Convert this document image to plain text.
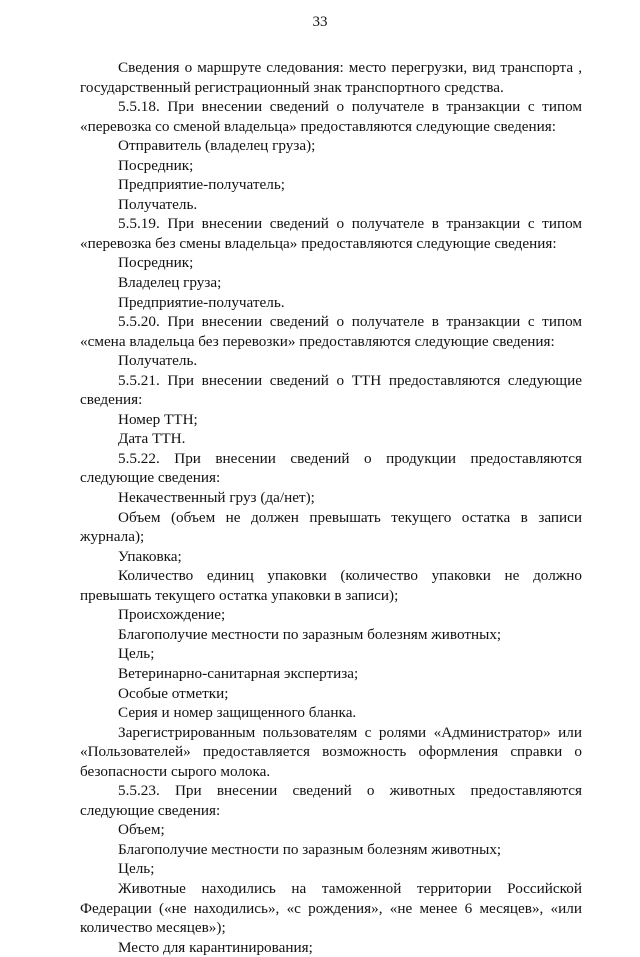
33
Сведения о маршруте следования: место перегрузки, вид транспорта , государственный регистрационный знак транспортного средства.
5.5.18. При внесении сведений о получателе в транзакции с типом «перевозка со сменой владельца» предоставляются следующие сведения:
Отправитель (владелец груза);
Посредник;
Предприятие-получатель;
Получатель.
5.5.19. При внесении сведений о получателе в транзакции с типом «перевозка без смены владельца» предоставляются следующие сведения:
Посредник;
Владелец груза;
Предприятие-получатель.
5.5.20. При внесении сведений о получателе в транзакции с типом «смена владельца без перевозки» предоставляются следующие сведения:
Получатель.
5.5.21. При внесении сведений о ТТН предоставляются следующие сведения:
Номер ТТН;
Дата ТТН.
5.5.22. При внесении сведений о продукции предоставляются следующие сведения:
Некачественный груз (да/нет);
Объем (объем не должен превышать текущего остатка в записи журнала);
Упаковка;
Количество единиц упаковки (количество упаковки не должно превышать текущего остатка упаковки в записи);
Происхождение;
Благополучие местности по заразным болезням животных;
Цель;
Ветеринарно-санитарная экспертиза;
Особые отметки;
Серия и номер защищенного бланка.
Зарегистрированным пользователям с ролями «Администратор» или «Пользователей» предоставляется возможность оформления справки о безопасности сырого молока.
5.5.23. При внесении сведений о животных предоставляются следующие сведения:
Объем;
Благополучие местности по заразным болезням животных;
Цель;
Животные находились на таможенной территории Российской Федерации («не находились», «с рождения», «не менее 6 месяцев», «или количество месяцев»);
Место для карантинирования;
